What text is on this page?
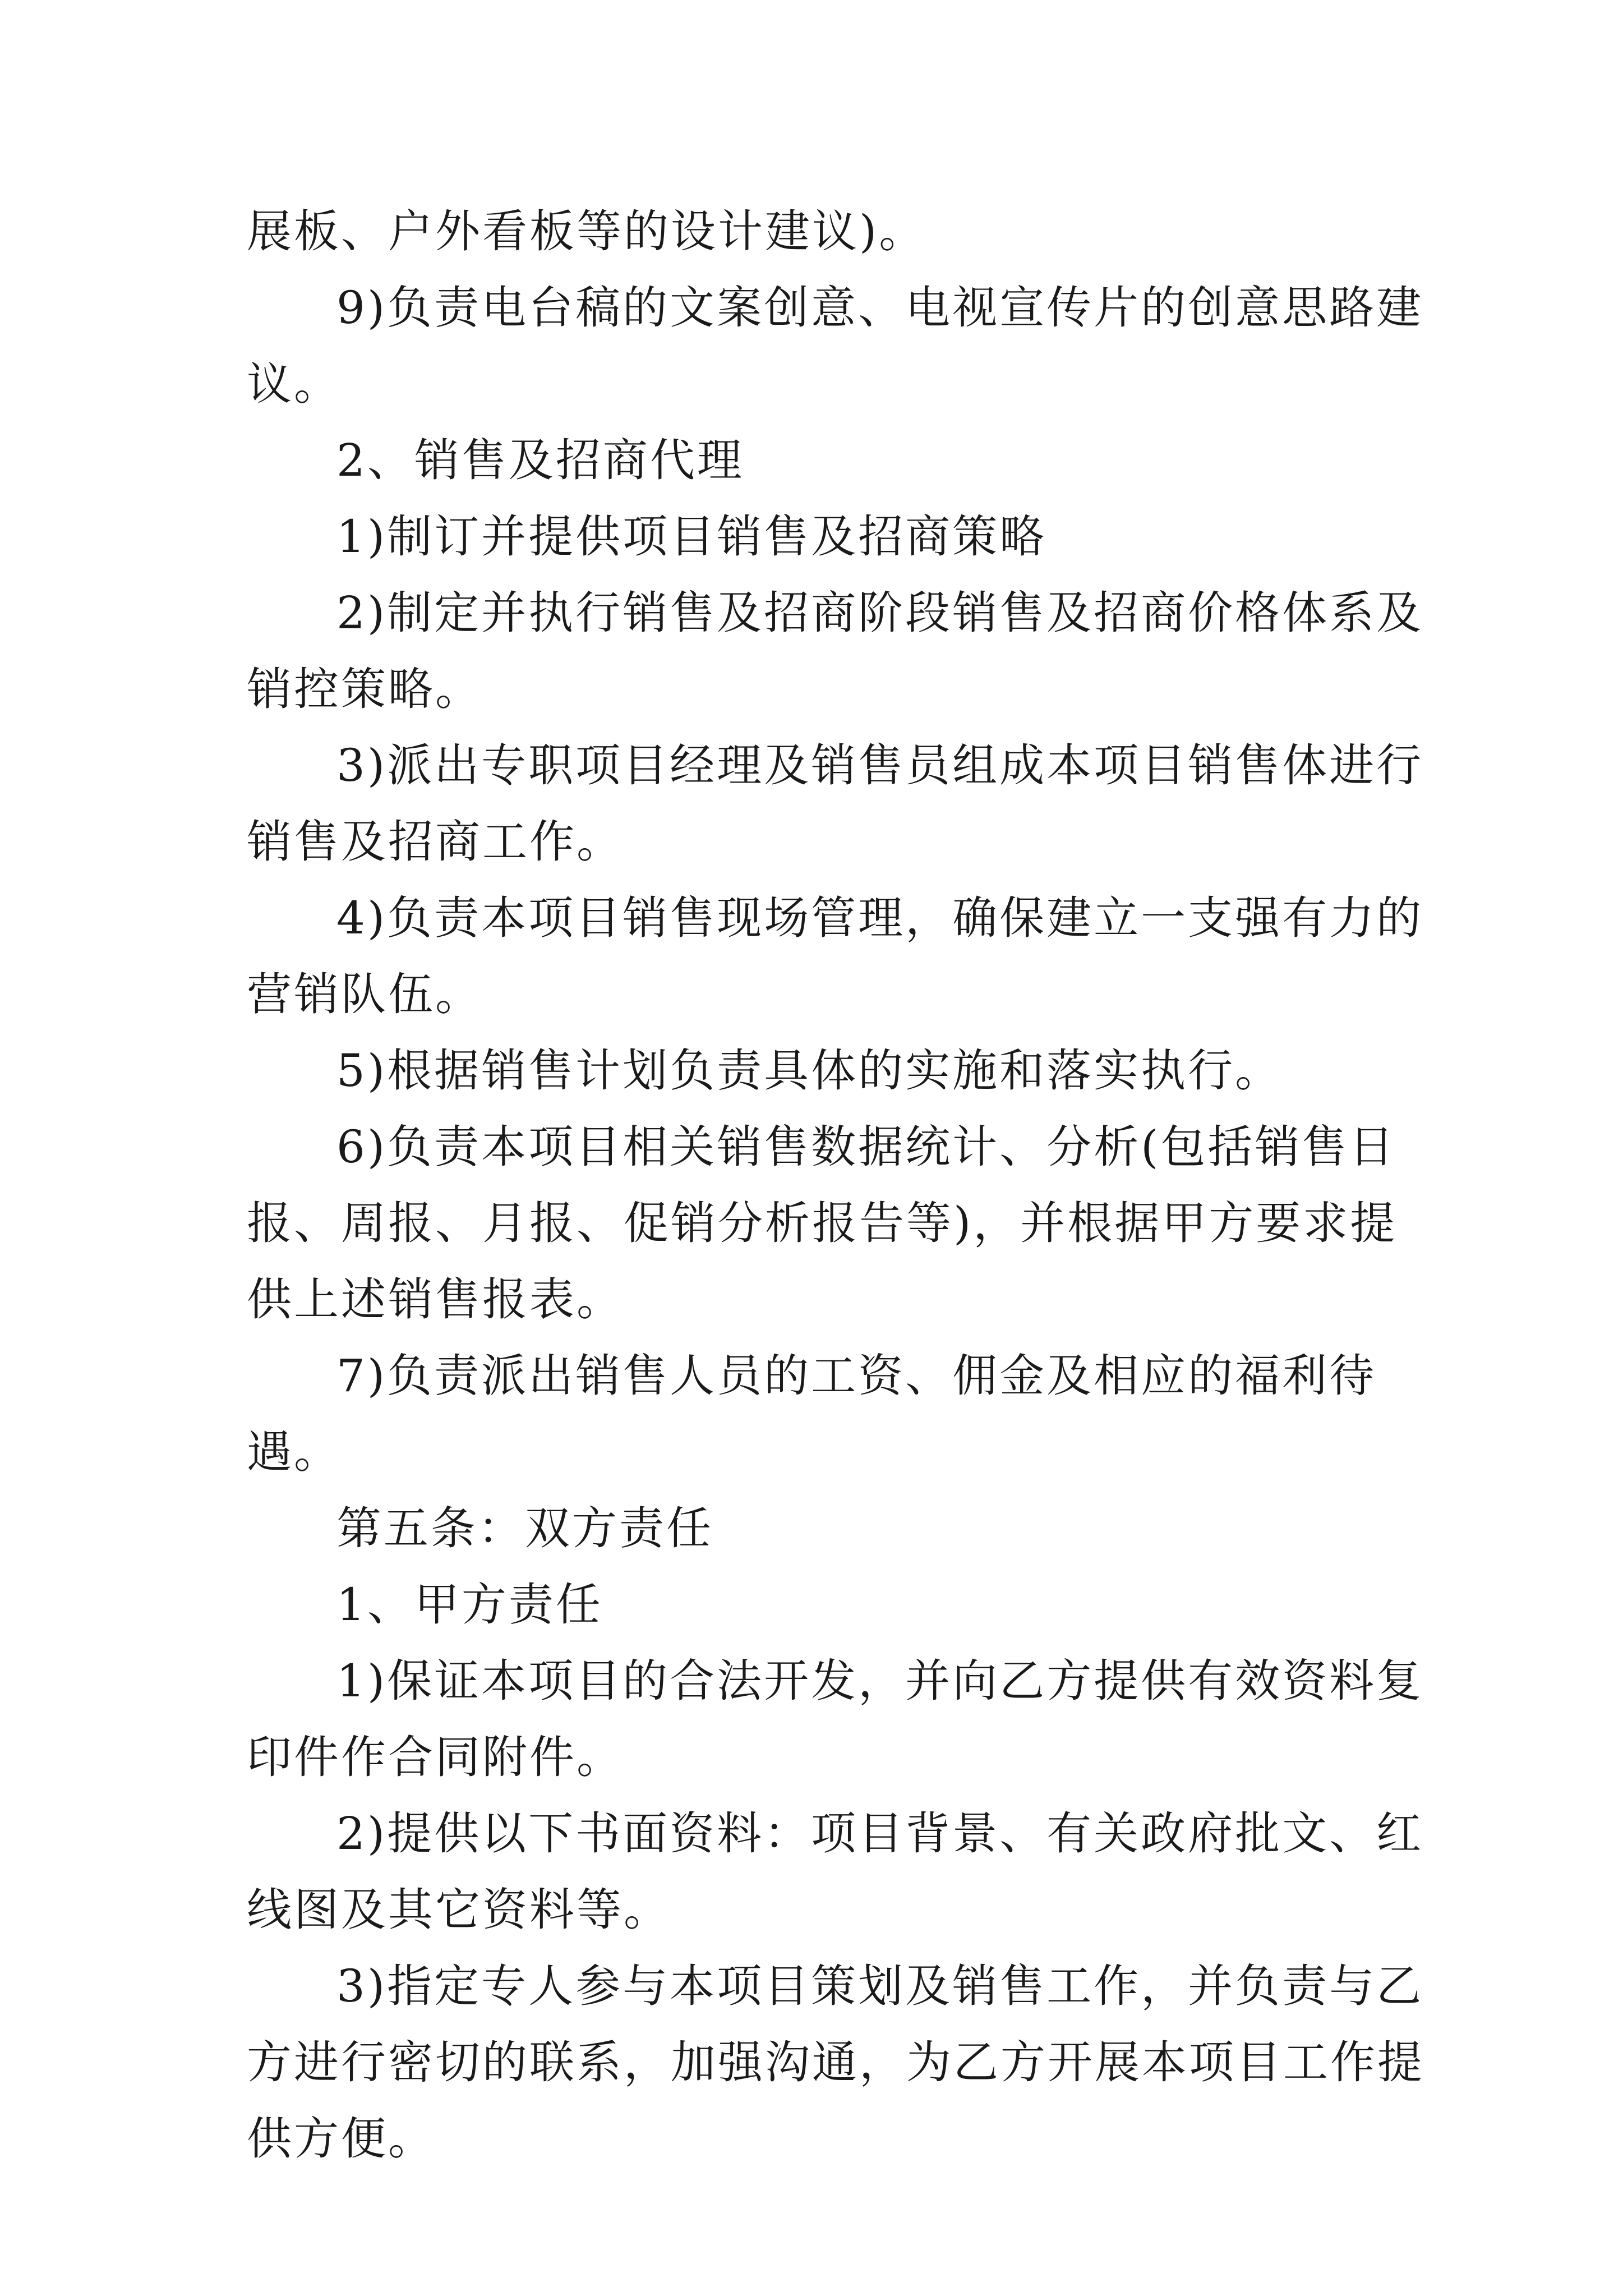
展板、户外看板等的设计建议)。

9)负责电台稿的文案创意、电视宣传片的创意思路建议。

2、销售及招商代理

1)制订并提供项目销售及招商策略

2)制定并执行销售及招商阶段销售及招商价格体系及销控策略。

3)派出专职项目经理及销售员组成本项目销售体进行销售及招商工作。

4)负责本项目销售现场管理，确保建立一支强有力的营销队伍。

5)根据销售计划负责具体的实施和落实执行。

6)负责本项目相关销售数据统计、分析(包括销售日报、周报、月报、促销分析报告等)，并根据甲方要求提供上述销售报表。

7)负责派出销售人员的工资、佣金及相应的福利待遇。

第五条：双方责任

1、甲方责任

1)保证本项目的合法开发，并向乙方提供有效资料复印件作合同附件。

2)提供以下书面资料：项目背景、有关政府批文、红线图及其它资料等。

3)指定专人参与本项目策划及销售工作，并负责与乙方进行密切的联系，加强沟通，为乙方开展本项目工作提供方便。
